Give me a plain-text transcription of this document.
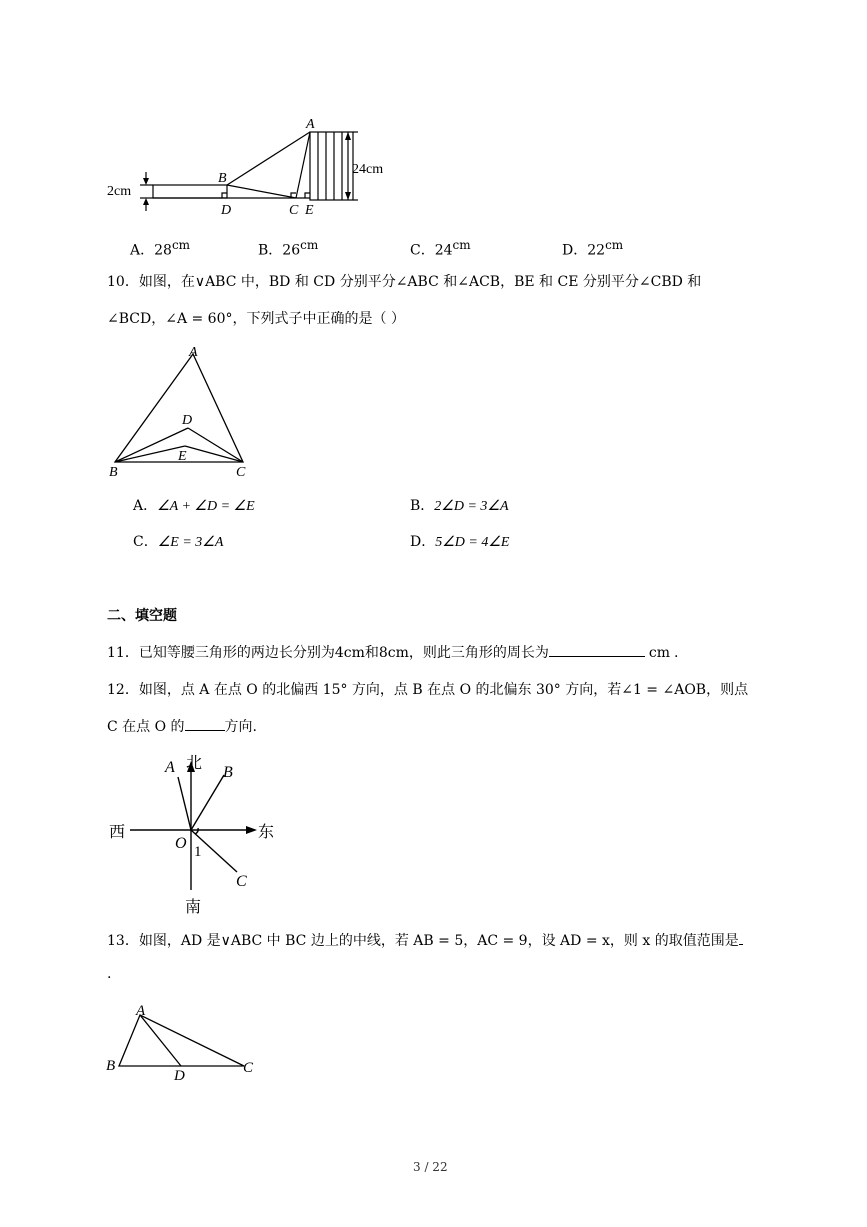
A
B
D	C E
24cm
2cm
A．$28^{cm}$	B．$26^{cm}$	C．$24^{cm}$	D．$22^{cm}$
10．如图，在∨ABC 中，BD 和 CD 分别平分∠ABC 和∠ACB，BE 和 CE 分别平分∠CBD 和
∠BCD，∠A = 60°，下列式子中正确的是（ ）
A
D
E
B	C
A．∠A + ∠D = ∠E	B．2∠D = 3∠A
C．∠E = 3∠A	D．5∠D = 4∠E
二、填空题
11．已知等腰三角形的两边长分别为4cm和8cm，则此三角形的周长为	cm .
12．如图，点 A 在点 O 的北偏西 15° 方向，点 B 在点 O 的北偏东 30° 方向，若∠1 = ∠AOB，则点
C 在点 O 的	方向.
北
南
东
西
A	B
C
O 1
13．如图，AD 是∨ABC 中 BC 边上的中线，若 AB = 5，AC = 9，设 AD = x，则 x 的取值范围是
.
A
B
D	C
3 / 22
